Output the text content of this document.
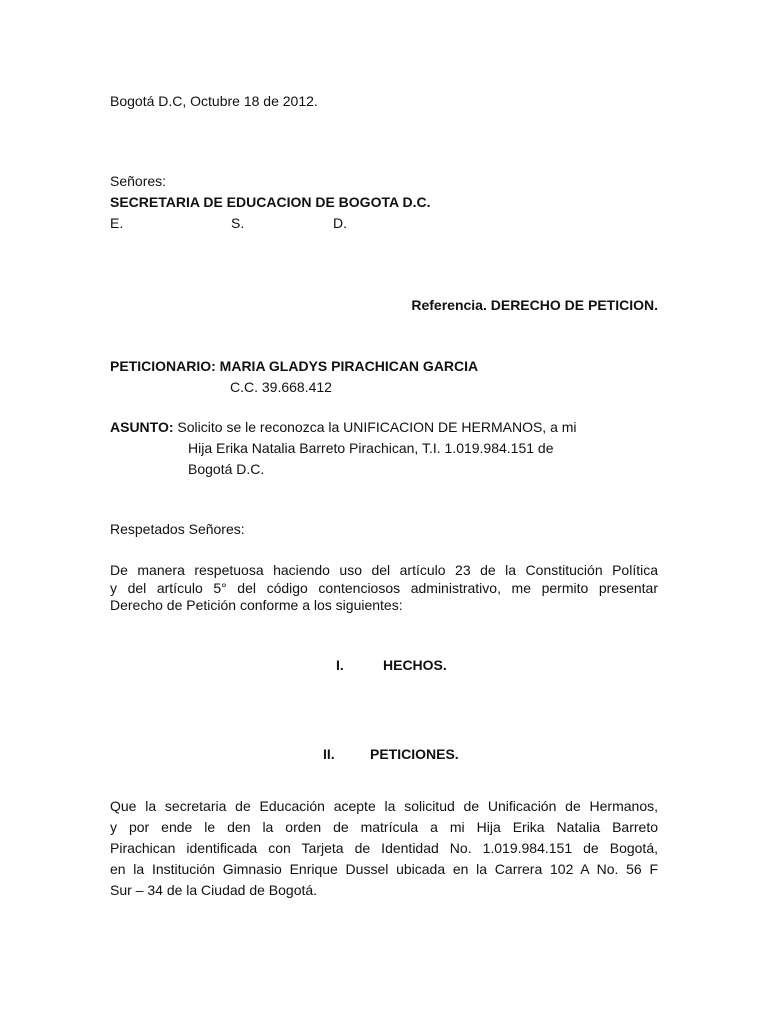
Bogotá D.C, Octubre 18 de 2012.
Señores:
SECRETARIA DE EDUCACION DE BOGOTA D.C.
E.	S.	D.
Referencia. DERECHO DE PETICION.
PETICIONARIO: MARIA GLADYS PIRACHICAN GARCIA
C.C. 39.668.412
ASUNTO: Solicito se le reconozca la UNIFICACION DE HERMANOS, a mi
Hija Erika Natalia Barreto Pirachican, T.I. 1.019.984.151 de
Bogotá D.C.
Respetados Señores:
De manera respetuosa haciendo uso del artículo 23 de la Constitución Política
y del artículo 5° del código contenciosos administrativo, me permito presentar
Derecho de Petición conforme a los siguientes:
I.	HECHOS.
II.	PETICIONES.
Que la secretaria de Educación acepte la solicitud de Unificación de Hermanos,
y por ende le den la orden de matrícula a mi Hija Erika Natalia Barreto
Pirachican identificada con Tarjeta de Identidad No. 1.019.984.151 de Bogotá,
en la Institución Gimnasio Enrique Dussel ubicada en la Carrera 102 A No. 56 F
Sur – 34 de la Ciudad de Bogotá.
